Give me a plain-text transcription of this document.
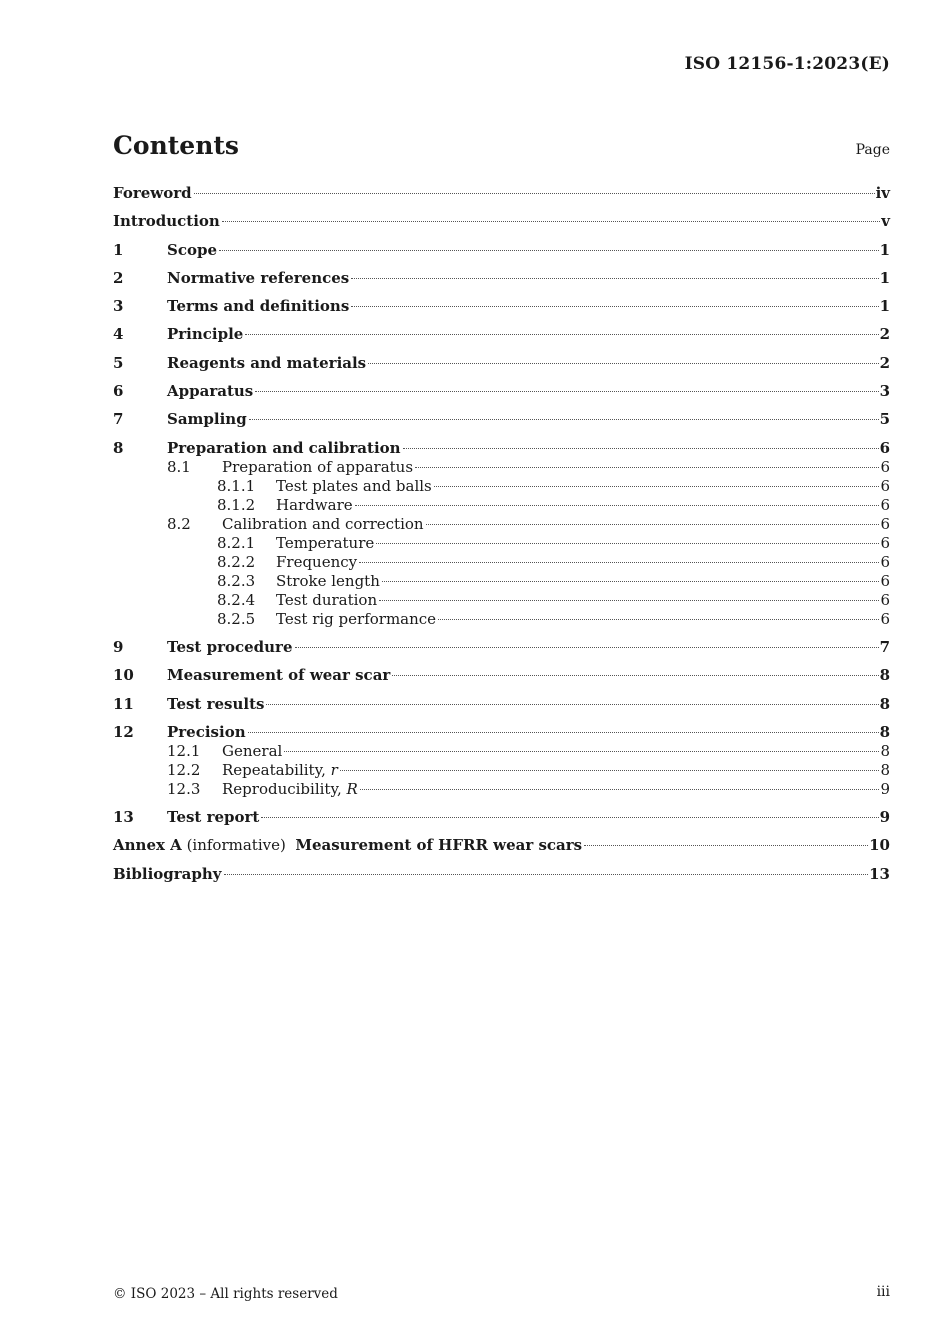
ISO 12156-1:2023(E)
Contents	Page
Foreword	iv
Introduction	v
1	Scope	1
2	Normative references	1
3	Terms and definitions	1
4	Principle	2
5	Reagents and materials	2
6	Apparatus	3
7	Sampling	5
8	Preparation and calibration	6
8.1	Preparation of apparatus	6
8.1.1	Test plates and balls	6
8.1.2	Hardware	6
8.2	Calibration and correction	6
8.2.1	Temperature	6
8.2.2	Frequency	6
8.2.3	Stroke length	6
8.2.4	Test duration	6
8.2.5	Test rig performance	6
9	Test procedure	7
10	Measurement of wear scar	8
11	Test results	8
12	Precision	8
12.1	General	8
12.2	Repeatability, r	8
12.3	Reproducibility, R	9
13	Test report	9
Annex A (informative)  Measurement of HFRR wear scars	10
Bibliography	13
© ISO 2023 – All rights reserved	iii
